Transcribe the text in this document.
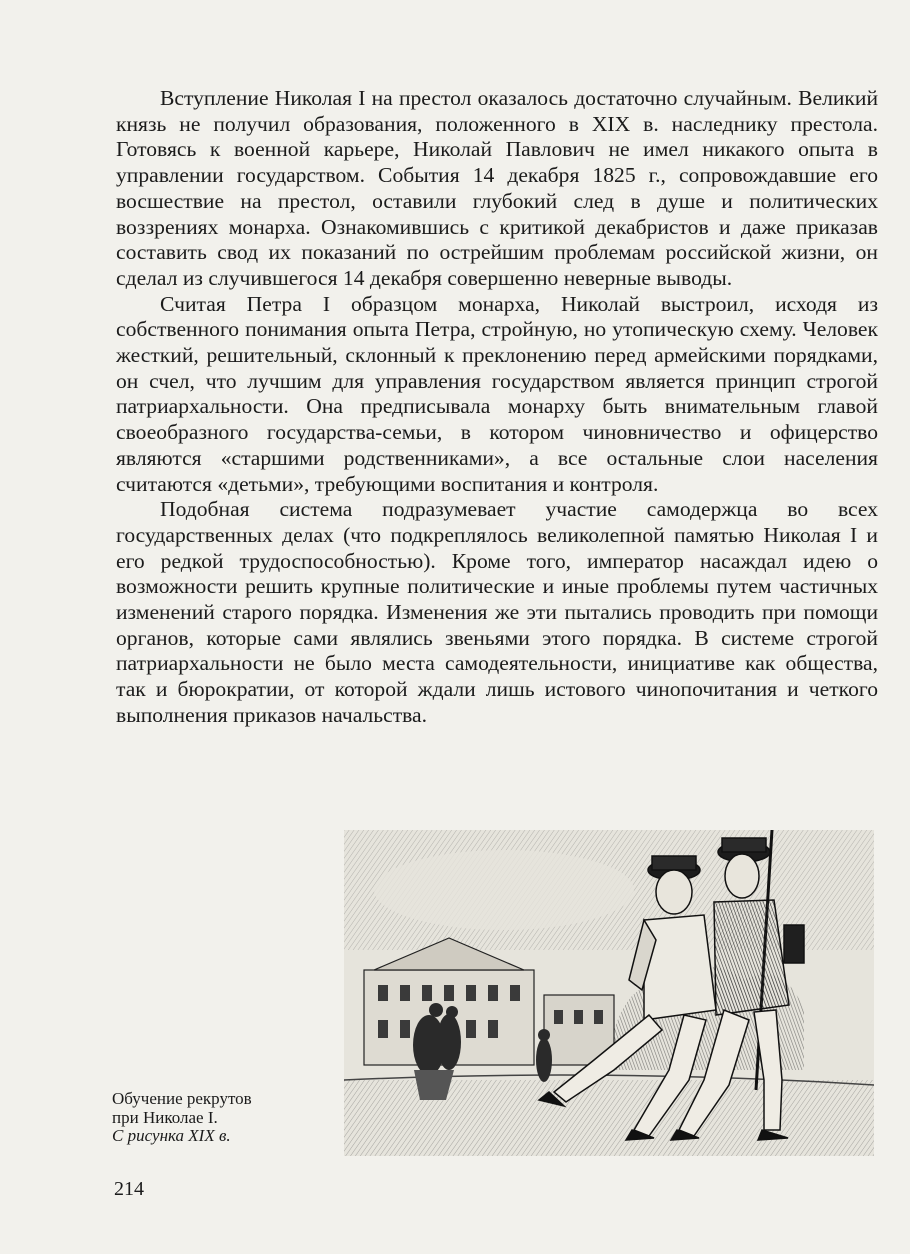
Вступление Николая I на престол оказалось достаточно случайным. Великий князь не получил образования, положенного в XIX в. наследнику престола. Готовясь к военной карьере, Николай Павлович не имел никакого опыта в управлении государством. События 14 декабря 1825 г., сопровождавшие его восшествие на престол, оставили глубокий след в душе и политических воззрениях монарха. Ознакомившись с критикой декабристов и даже приказав составить свод их показаний по острейшим проблемам российской жизни, он сделал из случившегося 14 декабря совершенно неверные выводы.

Считая Петра I образцом монарха, Николай выстроил, исходя из собственного понимания опыта Петра, стройную, но утопическую схему. Человек жесткий, решительный, склонный к преклонению перед армейскими порядками, он счел, что лучшим для управления государством является принцип строгой патриархальности. Она предписывала монарху быть внимательным главой своеобразного государства-семьи, в котором чиновничество и офицерство являются «старшими родственниками», а все остальные слои населения считаются «детьми», требующими воспитания и контроля.

Подобная система подразумевает участие самодержца во всех государственных делах (что подкреплялось великолепной памятью Николая I и его редкой трудоспособностью). Кроме того, император насаждал идею о возможности решить крупные политические и иные проблемы путем частичных изменений старого порядка. Изменения же эти пытались проводить при помощи органов, которые сами являлись звеньями этого порядка. В системе строгой патриархальности не было места самодеятельности, инициативе как общества, так и бюрократии, от которой ждали лишь истового чинопочитания и четкого выполнения приказов начальства.

Обучение рекрутов
при Николае I.
С рисунка XIX в.
214
